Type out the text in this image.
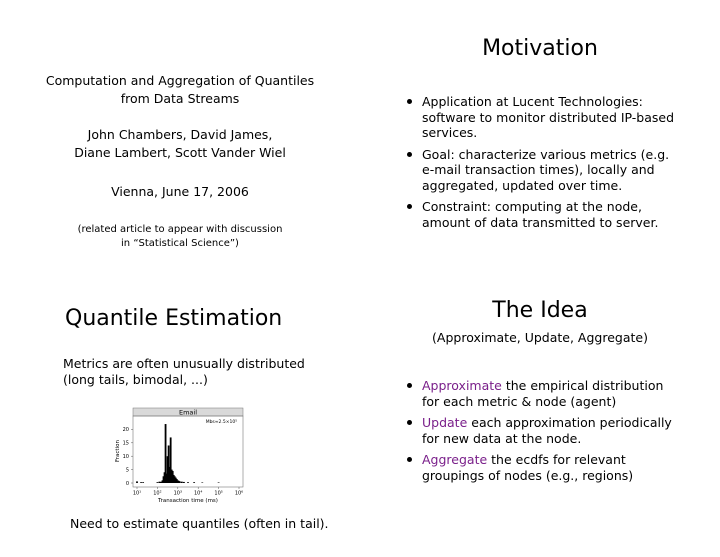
Computation and Aggregation of Quantiles
from Data Streams
John Chambers, David James,
Diane Lambert, Scott Vander Wiel
Vienna, June 17, 2006
(related article to appear with discussion
in “Statistical Science”)
Motivation
Application at Lucent Technologies: software to monitor distributed IP-based services.
Goal: characterize various metrics (e.g. e-mail transaction times), locally and aggregated, updated over time.
Constraint: computing at the node, amount of data transmitted to server.
Quantile Estimation
Metrics are often unusually distributed (long tails, bimodal, ...)
Email
Mbs≈2.5×10⁵
0
5
10
15
20
10¹ 10² 10³ 10⁴ 10⁵ 10⁶
Transaction time (ms)
Fraction
Need to estimate quantiles (often in tail).
The Idea
(Approximate, Update, Aggregate)
Approximate the empirical distribution for each metric & node (agent)
Update each approximation periodically for new data at the node.
Aggregate the ecdfs for relevant groupings of nodes (e.g., regions)
